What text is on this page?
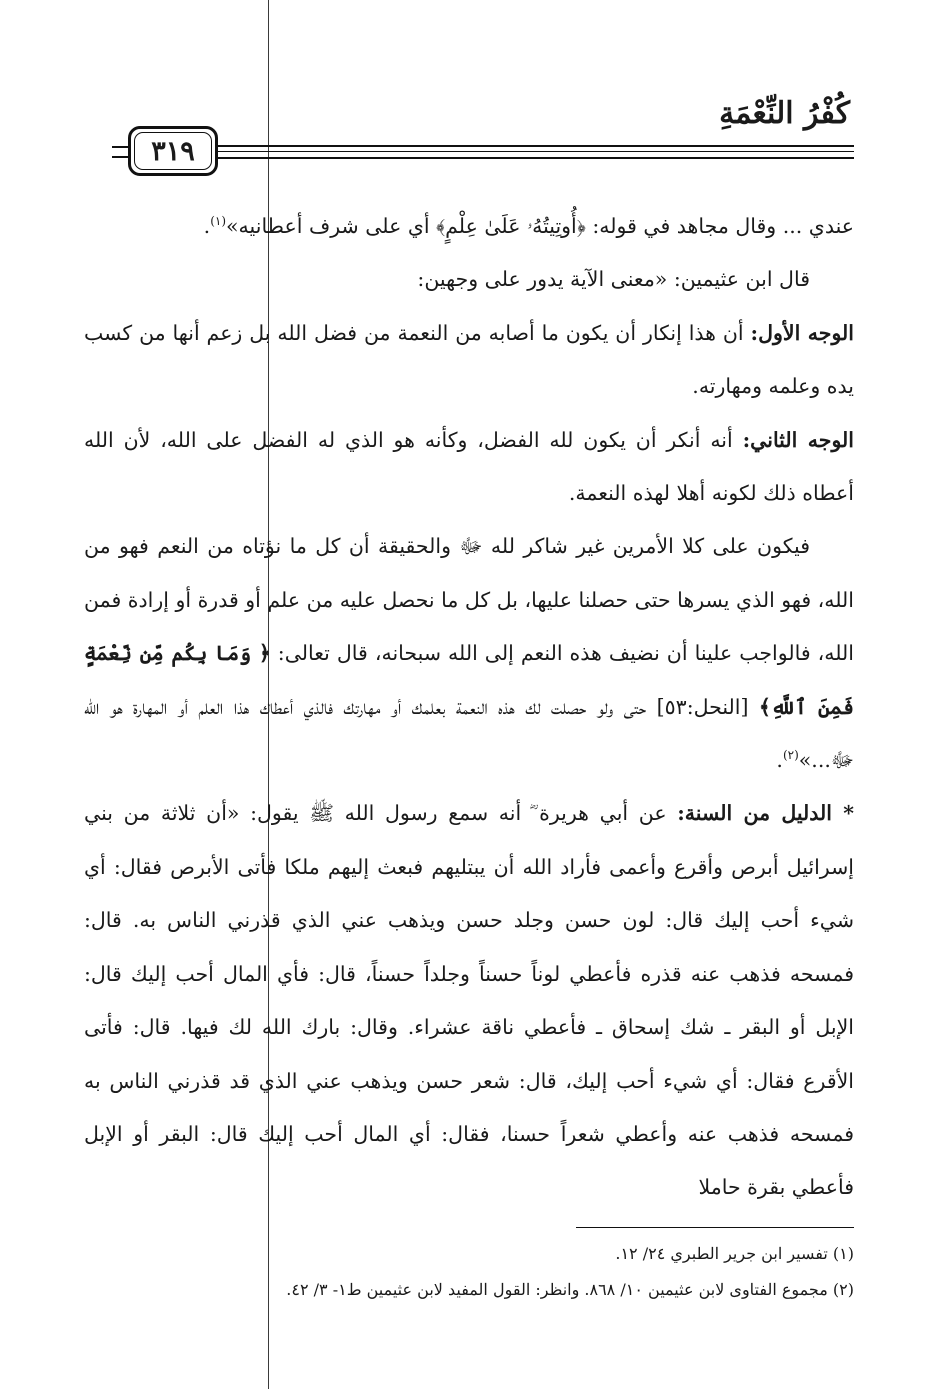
كُفْرُ النِّعْمَةِ
٣١٩

عندي ... وقال مجاهد في قوله: ﴿أُوتِيتُهُۥ عَلَىٰ عِلْمٍ﴾ أي على شرف أعطانيه»$^{(١)}$.

قال ابن عثيمين: «معنى الآية يدور على وجهين:

الوجه الأول: أن هذا إنكار أن يكون ما أصابه من النعمة من فضل الله بل زعم أنها من كسب يده وعلمه ومهارته.

الوجه الثاني: أنه أنكر أن يكون لله الفضل، وكأنه هو الذي له الفضل على الله، لأن الله أعطاه ذلك لكونه أهلا لهذه النعمة.

فيكون على كلا الأمرين غير شاكر لله ﷻ والحقيقة أن كل ما نؤتاه من النعم فهو من الله، فهو الذي يسرها حتى حصلنا عليها، بل كل ما نحصل عليه من علم أو قدرة أو إرادة فمن الله، فالواجب علينا أن نضيف هذه النعم إلى الله سبحانه، قال تعالى: ﴿ وَمَا بِكُم مِّن نِّعْمَةٍ فَمِنَ ٱللَّهِ﴾ [النحل:٥٣] حتى ولو حصلت لك هذه النعمة بعلمك أو مهارتك فالذي أعطاك هذا العلم أو المهارة هو الله ﷻ...»$^{(٢)}$.

* الدليل من السنة: عن أبي هريرة ؓ أنه سمع رسول الله ﷺ يقول: «أن ثلاثة من بني إسرائيل أبرص وأقرع وأعمى فأراد الله أن يبتليهم فبعث إليهم ملكا فأتى الأبرص فقال: أي شيء أحب إليك قال: لون حسن وجلد حسن ويذهب عني الذي قذرني الناس به. قال: فمسحه فذهب عنه قذره فأعطي لوناً حسناً وجلداً حسناً، قال: فأي المال أحب إليك قال: الإبل أو البقر ـ شك إسحاق ـ فأعطي ناقة عشراء. وقال: بارك الله لك فيها. قال: فأتى الأقرع فقال: أي شيء أحب إليك، قال: شعر حسن ويذهب عني الذي قد قذرني الناس به فمسحه فذهب عنه وأعطي شعراً حسنا، فقال: أي المال أحب إليك قال: البقر أو الإبل فأعطي بقرة حاملا

(١) تفسير ابن جرير الطبري ٢٤/ ١٢.

(٢) مجموع الفتاوى لابن عثيمين ١٠/ ٨٦٨. وانظر: القول المفيد لابن عثيمين ط١- ٣/ ٤٢.
